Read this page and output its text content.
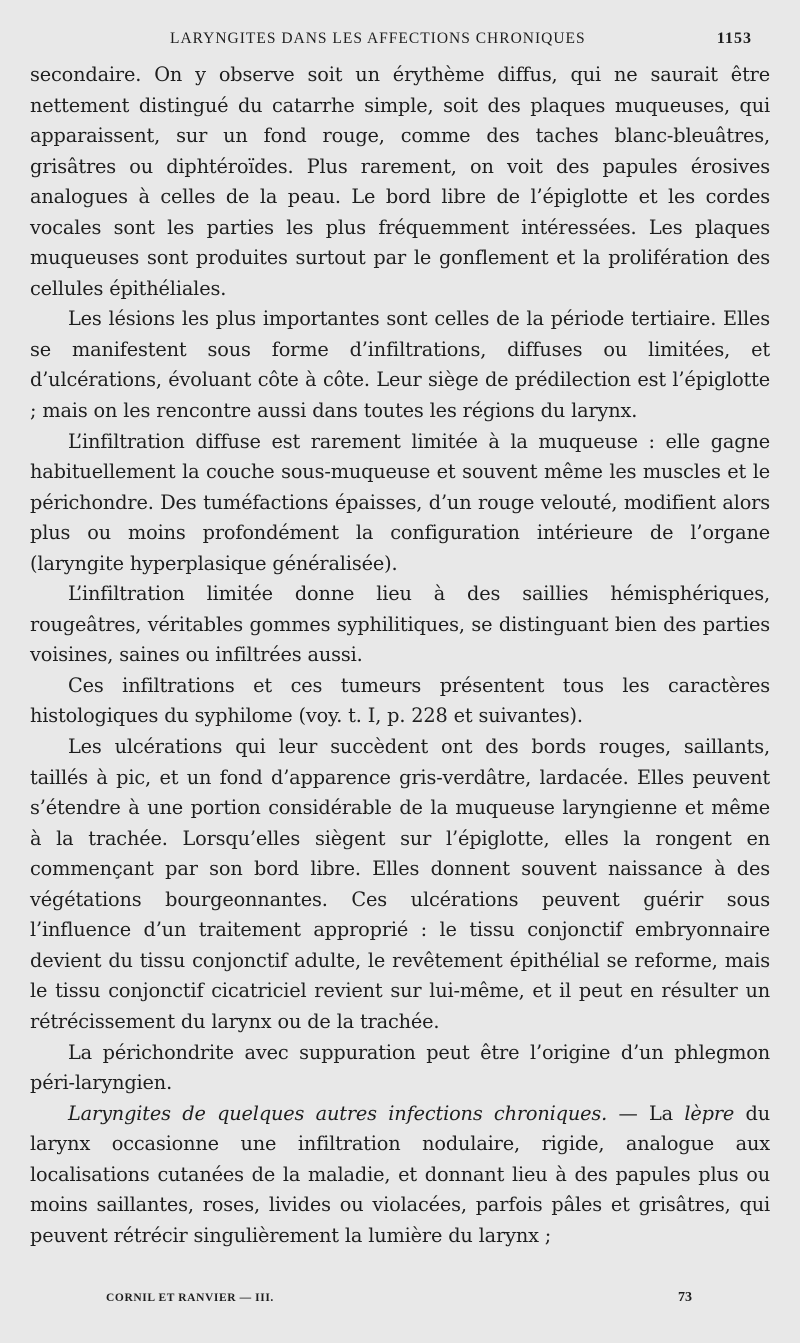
LARYNGITES DANS LES AFFECTIONS CHRONIQUES	1153

secondaire. On y observe soit un érythème diffus, qui ne saurait être nettement distingué du catarrhe simple, soit des plaques muqueuses, qui apparaissent, sur un fond rouge, comme des taches blanc-bleuâtres, grisâtres ou diphtéroïdes. Plus rarement, on voit des papules érosives analogues à celles de la peau. Le bord libre de l’épiglotte et les cordes vocales sont les parties les plus fréquemment intéressées. Les plaques muqueuses sont produites surtout par le gonflement et la prolifération des cellules épithéliales.

Les lésions les plus importantes sont celles de la période tertiaire. Elles se manifestent sous forme d’infiltrations, diffuses ou limitées, et d’ulcérations, évoluant côte à côte. Leur siège de prédilection est l’épiglotte ; mais on les rencontre aussi dans toutes les régions du larynx.

L’infiltration diffuse est rarement limitée à la muqueuse : elle gagne habituellement la couche sous-muqueuse et souvent même les muscles et le périchondre. Des tuméfactions épaisses, d’un rouge velouté, modifient alors plus ou moins profondément la configuration intérieure de l’organe (laryngite hyperplasique généralisée).

L’infiltration limitée donne lieu à des saillies hémisphériques, rougeâtres, véritables gommes syphilitiques, se distinguant bien des parties voisines, saines ou infiltrées aussi.

Ces infiltrations et ces tumeurs présentent tous les caractères histologiques du syphilome (voy. t. I, p. 228 et suivantes).

Les ulcérations qui leur succèdent ont des bords rouges, saillants, taillés à pic, et un fond d’apparence gris-verdâtre, lardacée. Elles peuvent s’étendre à une portion considérable de la muqueuse laryngienne et même à la trachée. Lorsqu’elles siègent sur l’épiglotte, elles la rongent en commençant par son bord libre. Elles donnent souvent naissance à des végétations bourgeonnantes. Ces ulcérations peuvent guérir sous l’influence d’un traitement approprié : le tissu conjonctif embryonnaire devient du tissu conjonctif adulte, le revêtement épithélial se reforme, mais le tissu conjonctif cicatriciel revient sur lui-même, et il peut en résulter un rétrécissement du larynx ou de la trachée.

La périchondrite avec suppuration peut être l’origine d’un phlegmon péri-laryngien.

Laryngites de quelques autres infections chroniques. — La lèpre du larynx occasionne une infiltration nodulaire, rigide, analogue aux localisations cutanées de la maladie, et donnant lieu à des papules plus ou moins saillantes, roses, livides ou violacées, parfois pâles et grisâtres, qui peuvent rétrécir singulièrement la lumière du larynx ;

CORNIL ET RANVIER — III.	73
